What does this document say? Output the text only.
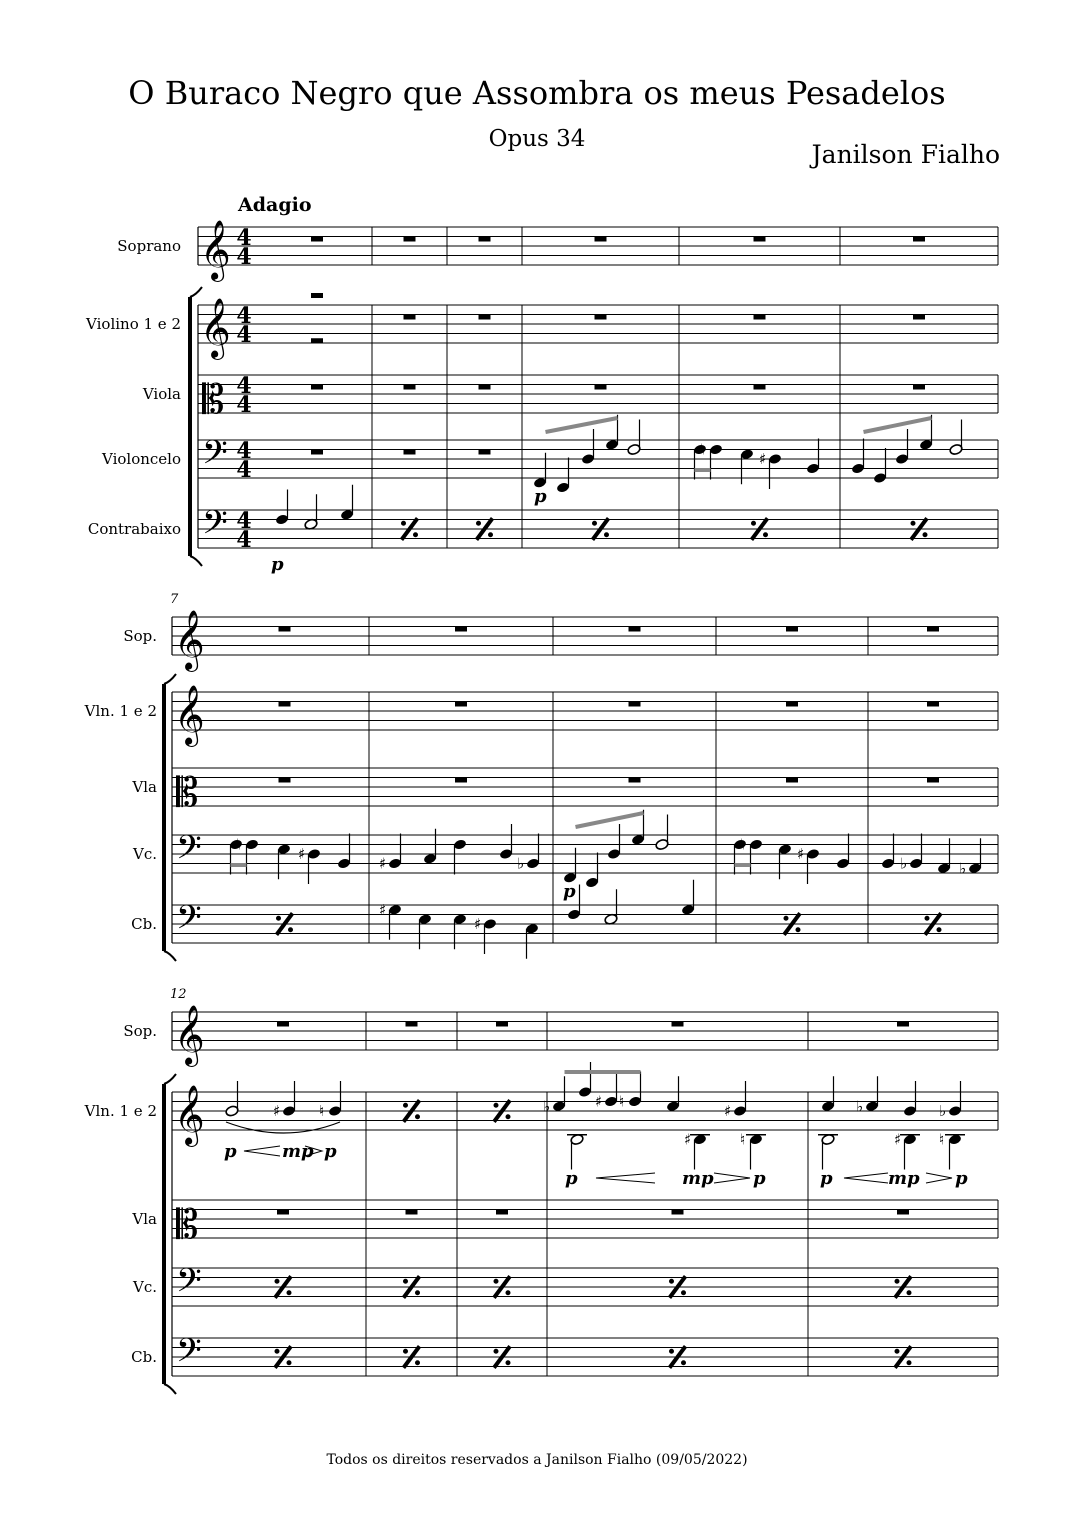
O Buraco Negro que Assombra os meus Pesadelos
Opus 34
Janilson Fialho
Soprano 𝄞 4
4
Violino 1 e 2 𝄞 4
4
Viola 𝄡 4
4
Violoncelo 𝄢 4
4
Contrabaixo 𝄢 4
4
Sop. 𝄞
Vln. 1 e 2 𝄞
Vla 𝄡
Vc. 𝄢
Cb. 𝄢
7
Sop. 𝄞
Vln. 1 e 2 𝄞
Vla 𝄡
Vc. 𝄢
Cb. 𝄢
12
Adagio
p
♮
♯
p
♮
♯
♯	♭
p
♮
♯
♭	♭
♯
♯
♯	♮
p	mp p
♭	♯ ♮
♯
♯	♮
p	mp p
♭	♭
♯	♮
p	mp p
Todos os direitos reservados a Janilson Fialho (09/05/2022)
